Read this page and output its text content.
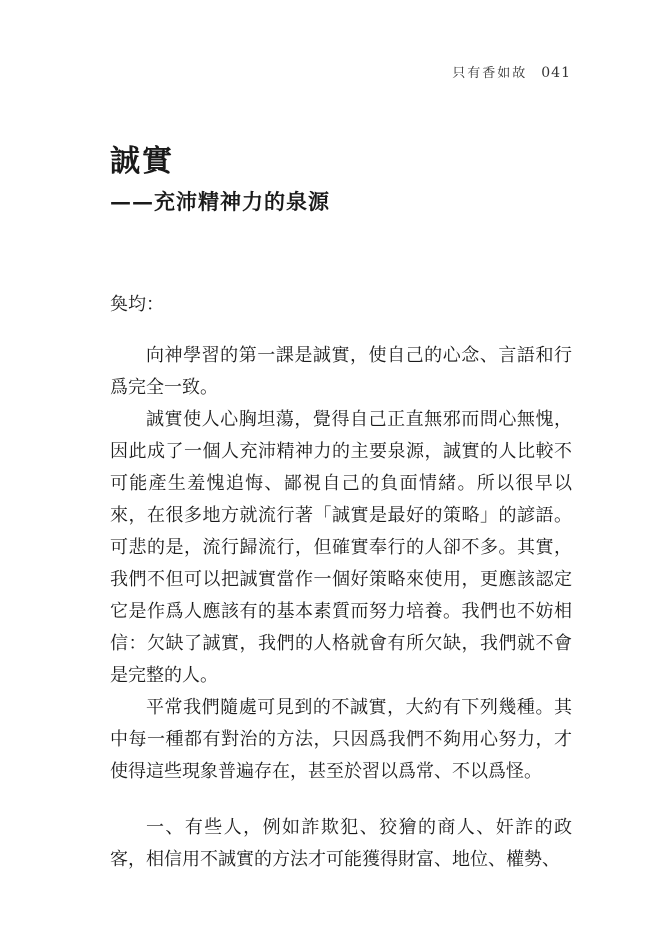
只有香如故 041
誠實
——充沛精神力的泉源
奐均：

向神學習的第一課是誠實，使自己的心念、言語和行爲完全一致。

誠實使人心胸坦蕩，覺得自己正直無邪而問心無愧，因此成了一個人充沛精神力的主要泉源，誠實的人比較不可能產生羞愧追悔、鄙視自己的負面情緒。所以很早以來，在很多地方就流行著「誠實是最好的策略」的諺語。可悲的是，流行歸流行，但確實奉行的人卻不多。其實，我們不但可以把誠實當作一個好策略來使用，更應該認定它是作爲人應該有的基本素質而努力培養。我們也不妨相信：欠缺了誠實，我們的人格就會有所欠缺，我們就不會是完整的人。

平常我們隨處可見到的不誠實，大約有下列幾種。其中每一種都有對治的方法，只因爲我們不夠用心努力，才使得這些現象普遍存在，甚至於習以爲常、不以爲怪。

一、有些人，例如詐欺犯、狡獪的商人、奸詐的政客，相信用不誠實的方法才可能獲得財富、地位、權勢、
